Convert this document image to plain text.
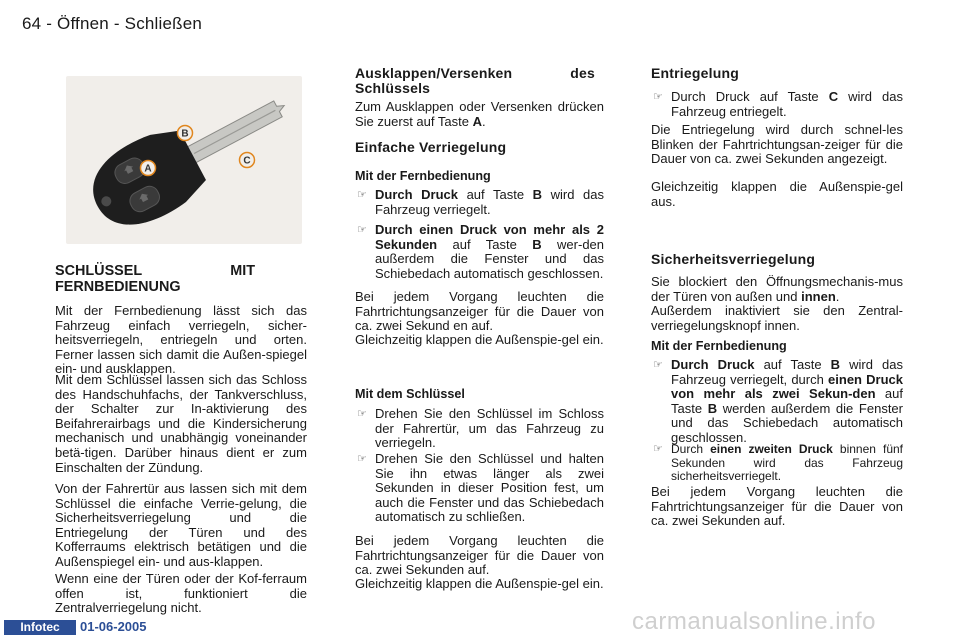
64 - Öffnen - Schließen
A
B
C
SCHLÜSSEL MIT FERNBEDIENUNG

Mit der Fernbedienung lässt sich das Fahrzeug einfach verriegeln, sicher-heitsverriegeln, entriegeln und orten. Ferner lassen sich damit die Außen-spiegel ein- und ausklappen.

Mit dem Schlüssel lassen sich das Schloss des Handschuhfachs, der Tankverschluss, der Schalter zur In-aktivierung des Beifahrerairbags und die Kindersicherung mechanisch und unabhängig voneinander betä-tigen. Darüber hinaus dient er zum Einschalten der Zündung.

Von der Fahrertür aus lassen sich mit dem Schlüssel die einfache Verrie-gelung, die Sicherheitsverriegelung und die Entriegelung der Türen und des Kofferraums elektrisch betätigen und die Außenspiegel ein- und aus-klappen.

Wenn eine der Türen oder der Kof-ferraum offen ist, funktioniert die Zentralverriegelung nicht.

Ausklappen/Versenken des Schlüssels

Zum Ausklappen oder Versenken drücken Sie zuerst auf Taste A.

Einfache Verriegelung

Mit der Fernbedienung

☞ Durch Druck auf Taste B wird das Fahrzeug verriegelt.
☞ Durch einen Druck von mehr als 2 Sekunden auf Taste B wer-den außerdem die Fenster und das Schiebedach automatisch geschlossen.

Bei jedem Vorgang leuchten die Fahrtrichtungsanzeiger für die Dauer von ca. zwei Sekund en auf.

Gleichzeitig klappen die Außenspie-gel ein.

Mit dem Schlüssel

☞ Drehen Sie den Schlüssel im Schloss der Fahrertür, um das Fahrzeug zu verriegeln.
☞ Drehen Sie den Schlüssel und halten Sie ihn etwas länger als zwei Sekunden in dieser Position fest, um auch die Fenster und das Schiebedach automatisch zu schließen.

Bei jedem Vorgang leuchten die Fahrtrichtungsanzeiger für die Dauer von ca. zwei Sekunden auf.

Gleichzeitig klappen die Außenspie-gel ein.

Entriegelung
☞ Durch Druck auf Taste C wird das Fahrzeug entriegelt.

Die Entriegelung wird durch schnel-les Blinken der Fahrtrichtungsan-zeiger für die Dauer von ca. zwei Sekunden angezeigt.

Gleichzeitig klappen die Außenspie-gel aus.

Sicherheitsverriegelung

Sie blockiert den Öffnungsmechanis-mus der Türen von außen und innen.

Außerdem inaktiviert sie den Zentral-verriegelungsknopf innen.

Mit der Fernbedienung

☞ Durch Druck auf Taste B wird das Fahrzeug verriegelt, durch einen Druck von mehr als zwei Sekun-den auf Taste B werden außerdem die Fenster und das Schiebedach automatisch geschlossen.
☞ Durch einen zweiten Druck binnen fünf Sekunden wird das Fahrzeug sicherheitsverriegelt.

Bei jedem Vorgang leuchten die Fahrtrichtungsanzeiger für die Dauer von ca. zwei Sekunden auf.

Infotec	01-06-2005	carmanualsonline.info
